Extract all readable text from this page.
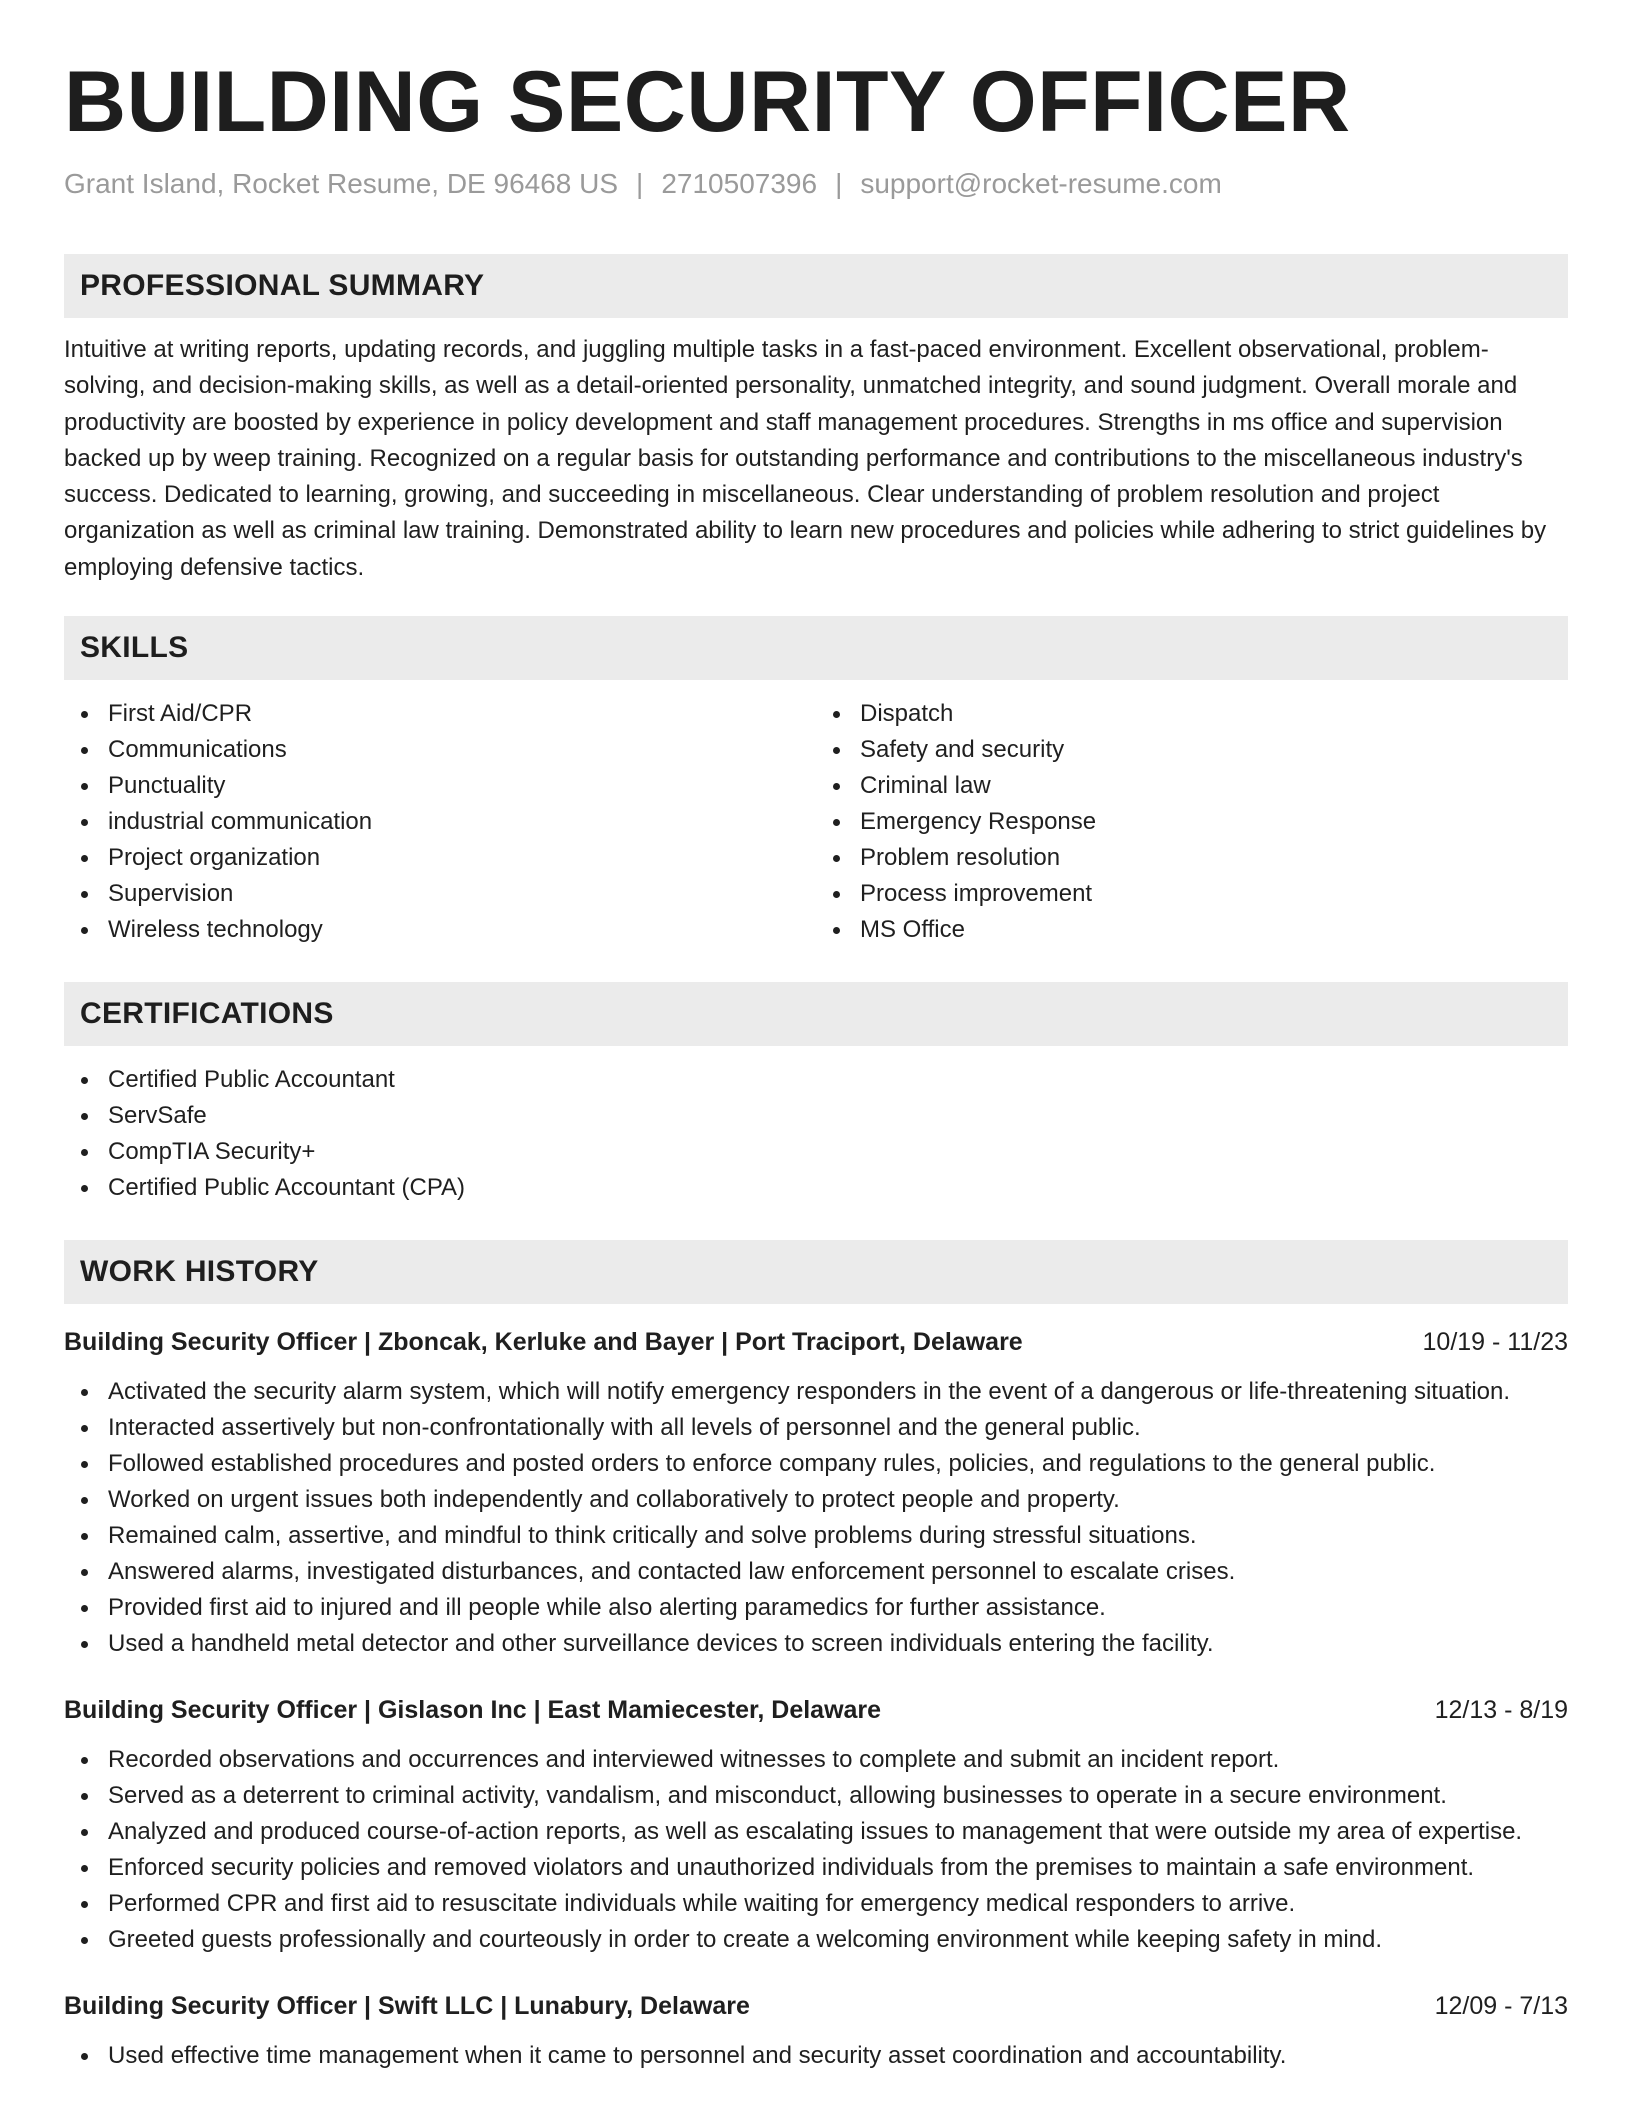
BUILDING SECURITY OFFICER
Grant Island, Rocket Resume, DE 96468 US | 2710507396 | support@rocket-resume.com
PROFESSIONAL SUMMARY

Intuitive at writing reports, updating records, and juggling multiple tasks in a fast-paced environment. Excellent observational, problem-solving, and decision-making skills, as well as a detail-oriented personality, unmatched integrity, and sound judgment. Overall morale and productivity are boosted by experience in policy development and staff management procedures. Strengths in ms office and supervision backed up by weep training. Recognized on a regular basis for outstanding performance and contributions to the miscellaneous industry's success. Dedicated to learning, growing, and succeeding in miscellaneous. Clear understanding of problem resolution and project organization as well as criminal law training. Demonstrated ability to learn new procedures and policies while adhering to strict guidelines by employing defensive tactics.

SKILLS
First Aid/CPR
Communications
Punctuality
industrial communication
Project organization
Supervision
Wireless technology
Dispatch
Safety and security
Criminal law
Emergency Response
Problem resolution
Process improvement
MS Office
CERTIFICATIONS
Certified Public Accountant
ServSafe
CompTIA Security+
Certified Public Accountant (CPA)
WORK HISTORY
Building Security Officer | Zboncak, Kerluke and Bayer | Port Traciport, Delaware	10/19 - 11/23
Activated the security alarm system, which will notify emergency responders in the event of a dangerous or life-threatening situation.
Interacted assertively but non-confrontationally with all levels of personnel and the general public.
Followed established procedures and posted orders to enforce company rules, policies, and regulations to the general public.
Worked on urgent issues both independently and collaboratively to protect people and property.
Remained calm, assertive, and mindful to think critically and solve problems during stressful situations.
Answered alarms, investigated disturbances, and contacted law enforcement personnel to escalate crises.
Provided first aid to injured and ill people while also alerting paramedics for further assistance.
Used a handheld metal detector and other surveillance devices to screen individuals entering the facility.
Building Security Officer | Gislason Inc | East Mamiecester, Delaware	12/13 - 8/19
Recorded observations and occurrences and interviewed witnesses to complete and submit an incident report.
Served as a deterrent to criminal activity, vandalism, and misconduct, allowing businesses to operate in a secure environment.
Analyzed and produced course-of-action reports, as well as escalating issues to management that were outside my area of expertise.
Enforced security policies and removed violators and unauthorized individuals from the premises to maintain a safe environment.
Performed CPR and first aid to resuscitate individuals while waiting for emergency medical responders to arrive.
Greeted guests professionally and courteously in order to create a welcoming environment while keeping safety in mind.
Building Security Officer | Swift LLC | Lunabury, Delaware	12/09 - 7/13
Used effective time management when it came to personnel and security asset coordination and accountability.
